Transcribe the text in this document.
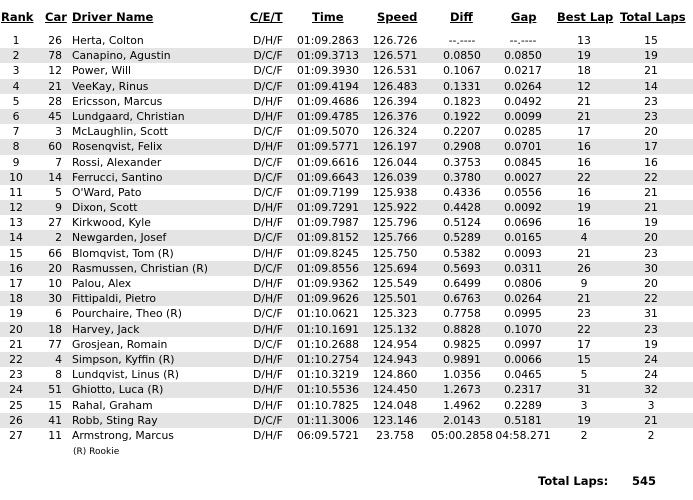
Rank Car Driver Name	C/E/T	Time	Speed	Diff	Gap Best Lap Total Laps
1	26 Herta, Colton	D/H/F 01:09.2863 126.726	--.----	--.----	13	15
2	78 Canapino, Agustin	D/C/F 01:09.3713 126.571 0.0850 0.0850	19	19
3	12 Power, Will	D/C/F 01:09.3930 126.531 0.1067 0.0217	18	21
4	21 VeeKay, Rinus	D/C/F 01:09.4194 126.483 0.1331 0.0264	12	14
5	28 Ericsson, Marcus	D/H/F 01:09.4686 126.394 0.1823 0.0492	21	23
6	45 Lundgaard, Christian	D/H/F 01:09.4785 126.376 0.1922 0.0099	21	23
7	3 McLaughlin, Scott	D/C/F 01:09.5070 126.324 0.2207 0.0285	17	20
8	60 Rosenqvist, Felix	D/H/F 01:09.5771 126.197 0.2908 0.0701	16	17
9	7 Rossi, Alexander	D/C/F 01:09.6616 126.044 0.3753 0.0845	16	16
10 14 Ferrucci, Santino	D/C/F 01:09.6643 126.039 0.3780 0.0027	22	22
11	5 O'Ward, Pato	D/C/F 01:09.7199 125.938 0.4336 0.0556	16	21
12	9 Dixon, Scott	D/H/F 01:09.7291 125.922 0.4428 0.0092	19	21
13 27 Kirkwood, Kyle	D/H/F 01:09.7987 125.796 0.5124 0.0696	16	19
14	2 Newgarden, Josef	D/C/F 01:09.8152 125.766 0.5289 0.0165	4	20
15 66 Blomqvist, Tom (R)	D/H/F 01:09.8245 125.750 0.5382 0.0093	21	23
16 20 Rasmussen, Christian (R)	D/C/F 01:09.8556 125.694 0.5693 0.0311	26	30
17 10 Palou, Alex	D/H/F 01:09.9362 125.549 0.6499 0.0806	9	20
18 30 Fittipaldi, Pietro	D/H/F 01:09.9626 125.501 0.6763 0.0264	21	22
19	6 Pourchaire, Theo (R)	D/C/F 01:10.0621 125.323 0.7758 0.0995	23	31
20 18 Harvey, Jack	D/H/F 01:10.1691 125.132 0.8828 0.1070	22	23
21 77 Grosjean, Romain	D/C/F 01:10.2688 124.954 0.9825 0.0997	17	19
22	4 Simpson, Kyffin (R)	D/H/F 01:10.2754 124.943 0.9891 0.0066	15	24
23	8 Lundqvist, Linus (R)	D/H/F 01:10.3219 124.860 1.0356 0.0465	5	24
24 51 Ghiotto, Luca (R)	D/H/F 01:10.5536 124.450 1.2673 0.2317	31	32
25 15 Rahal, Graham	D/H/F 01:10.7825 124.048 1.4962 0.2289	3	3
26 41 Robb, Sting Ray	D/C/F 01:11.3006 123.146 2.0143 0.5181	19	21
27 11 Armstrong, Marcus	D/H/F 06:09.5721 23.758 05:00.2858 04:58.271	2	2
(R) Rookie
Total Laps: 545
